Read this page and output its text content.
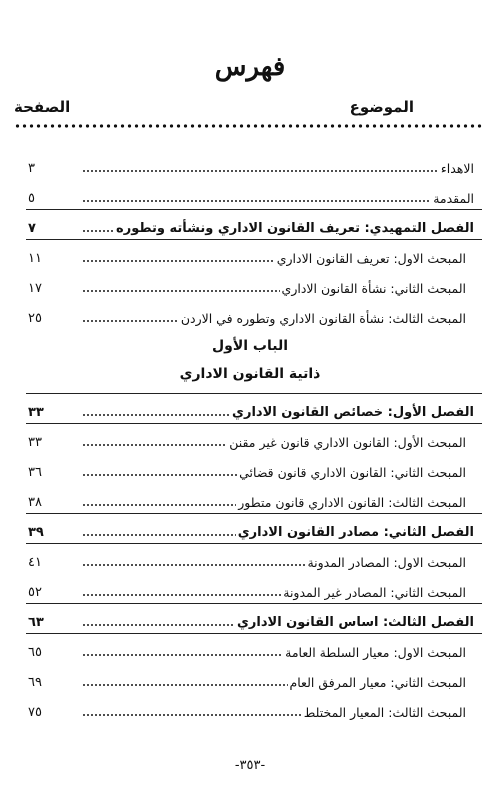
فهرس
الموضوع
الصفحة
الاهداء
٣
المقدمة
٥
الفصل التمهيدي: تعريف القانون الاداري ونشأته وتطوره
٧
المبحث الاول: تعريف القانون الاداري
١١
المبحث الثاني: نشأة القانون الاداري
١٧
المبحث الثالث: نشأة القانون الاداري وتطوره في الاردن
٢٥
الباب الأول
ذاتية القانون الاداري
الفصل الأول: خصائص القانون الاداري
٣٣
المبحث الأول: القانون الاداري قانون غير مقنن
٣٣
المبحث الثاني: القانون الاداري قانون قضائي
٣٦
المبحث الثالث: القانون الاداري قانون متطور
٣٨
الفصل الثاني: مصادر القانون الاداري
٣٩
المبحث الاول: المصادر المدونة
٤١
المبحث الثاني: المصادر غير المدونة
٥٢
الفصل الثالث: اساس القانون الاداري
٦٣
المبحث الاول: معيار السلطة العامة
٦٥
المبحث الثاني: معيار المرفق العام
٦٩
المبحث الثالث: المعيار المختلط
٧٥
-٣٥٣-
